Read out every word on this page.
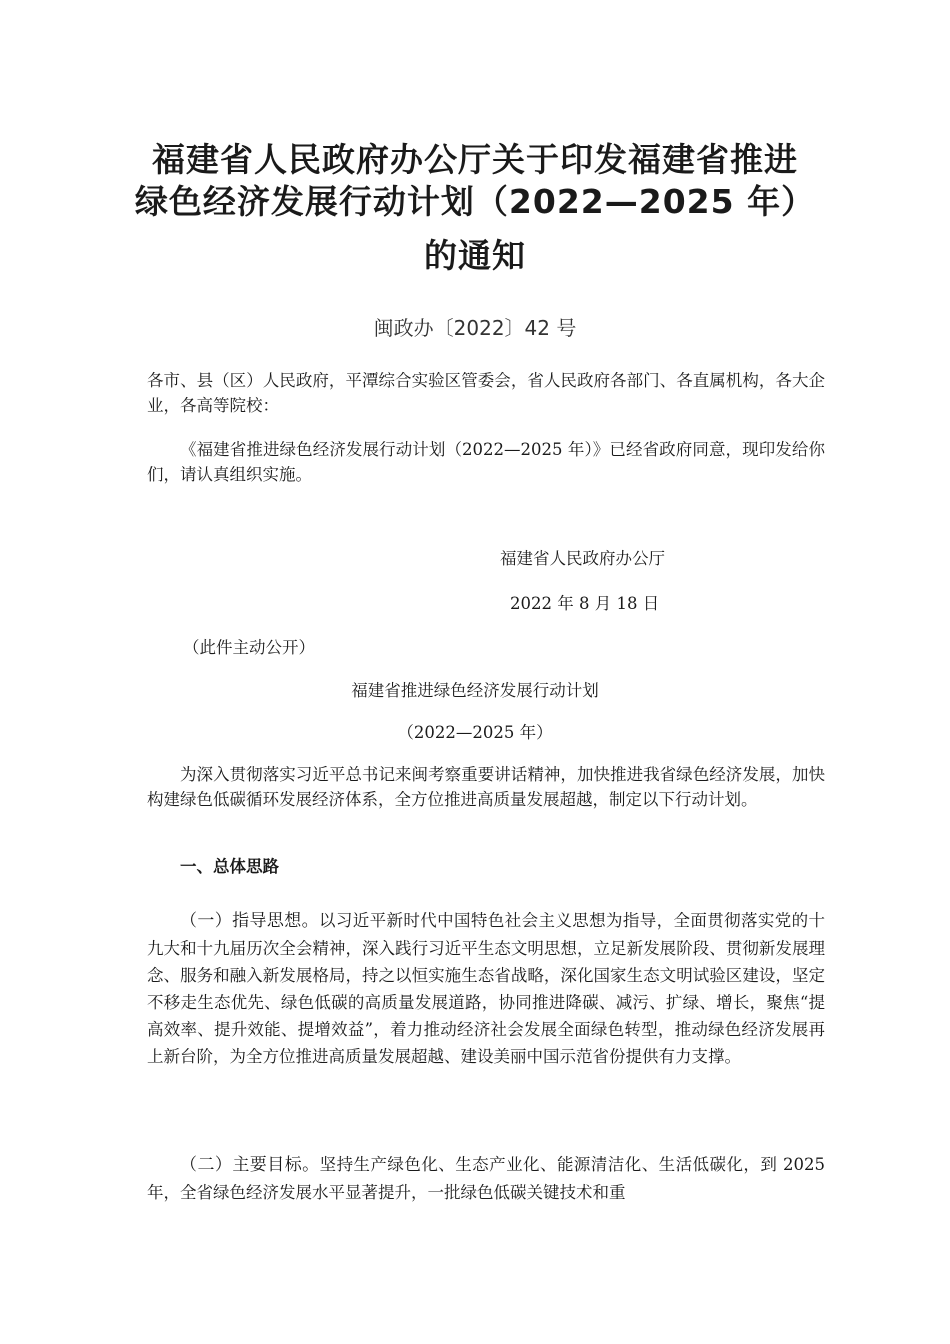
福建省人民政府办公厅关于印发福建省推进
绿色经济发展行动计划（2022—2025 年）
的通知
闽政办〔2022〕42 号
各市、县（区）人民政府，平潭综合实验区管委会，省人民政府各部门、各直属机构，各大企业，各高等院校：
《福建省推进绿色经济发展行动计划（2022—2025 年）》已经省政府同意，现印发给你们，请认真组织实施。
福建省人民政府办公厅
2022 年 8 月 18 日
（此件主动公开）
福建省推进绿色经济发展行动计划
（2022—2025 年）
为深入贯彻落实习近平总书记来闽考察重要讲话精神，加快推进我省绿色经济发展，加快构建绿色低碳循环发展经济体系，全方位推进高质量发展超越，制定以下行动计划。
一、总体思路
（一）指导思想。以习近平新时代中国特色社会主义思想为指导，全面贯彻落实党的十九大和十九届历次全会精神，深入践行习近平生态文明思想，立足新发展阶段、贯彻新发展理念、服务和融入新发展格局，持之以恒实施生态省战略，深化国家生态文明试验区建设，坚定不移走生态优先、绿色低碳的高质量发展道路，协同推进降碳、减污、扩绿、增长，聚焦“提高效率、提升效能、提增效益”，着力推动经济社会发展全面绿色转型，推动绿色经济发展再上新台阶，为全方位推进高质量发展超越、建设美丽中国示范省份提供有力支撑。
（二）主要目标。坚持生产绿色化、生态产业化、能源清洁化、生活低碳化，到 2025 年，全省绿色经济发展水平显著提升，一批绿色低碳关键技术和重
